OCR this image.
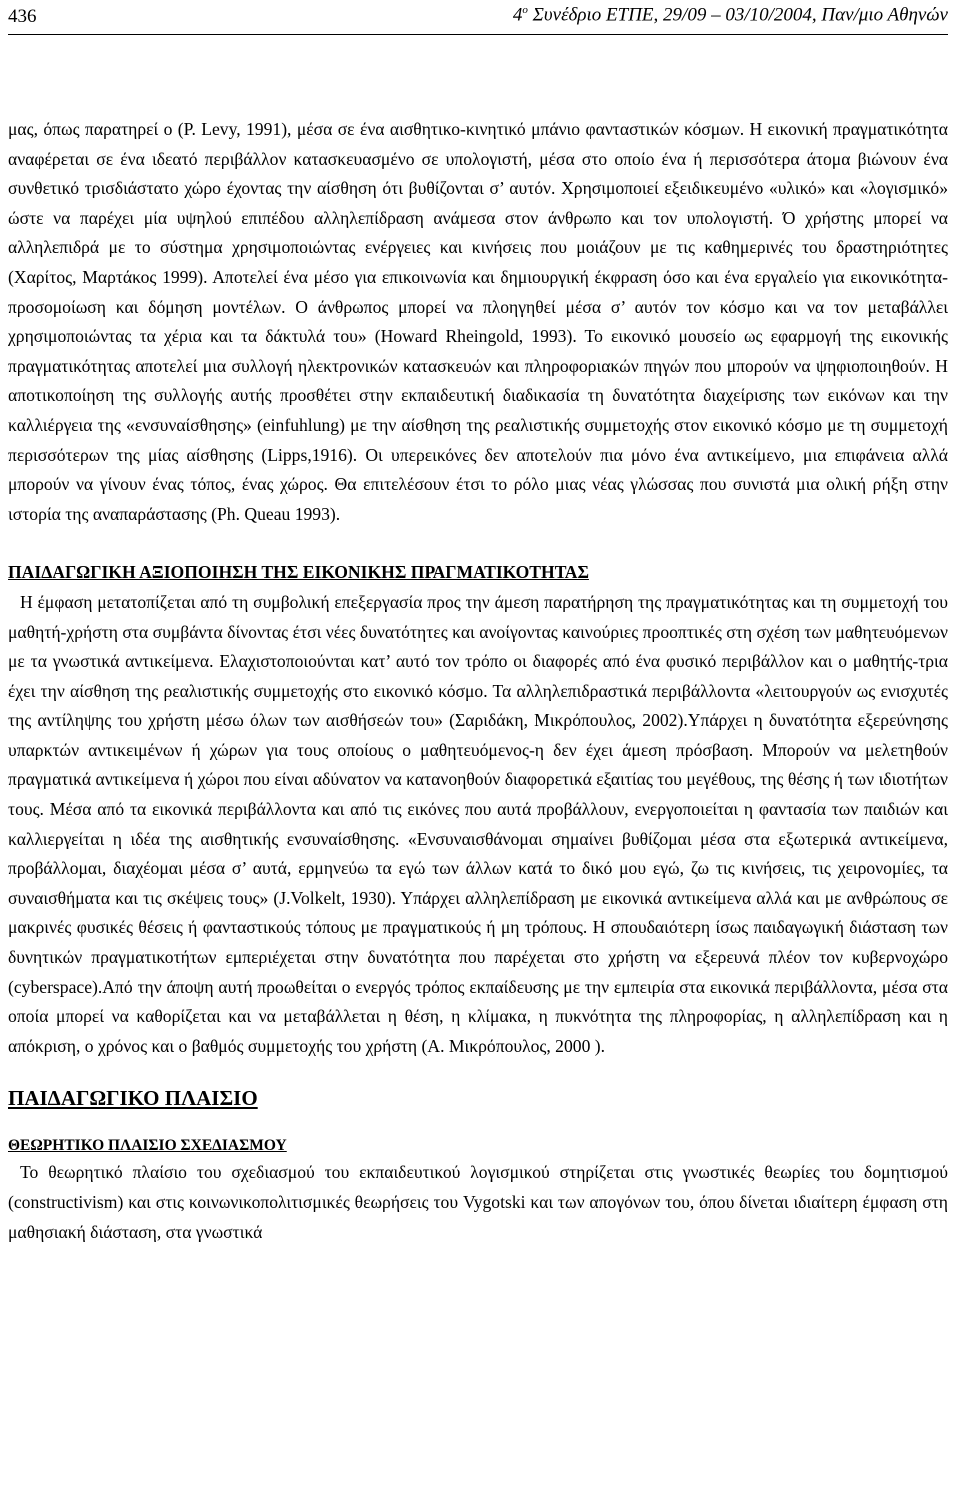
436	$4^o$ Συνέδριο ΕΤΠΕ, 29/09 – 03/10/2004, Παν/μιο Αθηνών

μας, όπως παρατηρεί ο (P. Levy, 1991), μέσα σε ένα αισθητικο-κινητικό μπάνιο φανταστικών κόσμων. Η εικονική πραγματικότητα αναφέρεται σε ένα ιδεατό περιβάλλον κατασκευασμένο σε υπολογιστή, μέσα στο οποίο ένα ή περισσότερα άτομα βιώνουν ένα συνθετικό τρισδιάστατο χώρο έχοντας την αίσθηση ότι βυθίζονται σ’ αυτόν. Χρησιμοποιεί εξειδικευμένο «υλικό» και «λογισμικό» ώστε να παρέχει μία υψηλού επιπέδου αλληλεπίδραση ανάμεσα στον άνθρωπο και τον υπολογιστή. Ό χρήστης μπορεί να αλληλεπιδρά με το σύστημα χρησιμοποιώντας ενέργειες και κινήσεις που μοιάζουν με τις καθημερινές του δραστηριότητες (Χαρίτος, Μαρτάκος 1999). Αποτελεί ένα μέσο για επικοινωνία και δημιουργική έκφραση όσο και ένα εργαλείο για εικονικότητα-προσομοίωση και δόμηση μοντέλων. Ο άνθρωπος μπορεί να πλοηγηθεί μέσα σ’ αυτόν τον κόσμο και να τον μεταβάλλει χρησιμοποιώντας τα χέρια και τα δάκτυλά του» (Howard Rheingold, 1993). Το εικονικό μουσείο ως εφαρμογή της εικονικής πραγματικότητας αποτελεί μια συλλογή ηλεκτρονικών κατασκευών και πληροφοριακών πηγών που μπορούν να ψηφιοποιηθούν. Η αποτικοποίηση της συλλογής αυτής προσθέτει στην εκπαιδευτική διαδικασία τη δυνατότητα διαχείρισης των εικόνων και την καλλιέργεια της «ενσυναίσθησης» (einfuhlung) με την αίσθηση της ρεαλιστικής συμμετοχής στον εικονικό κόσμο με τη συμμετοχή περισσότερων της μίας αίσθησης (Lipps,1916). Οι υπερεικόνες δεν αποτελούν πια μόνο ένα αντικείμενο, μια επιφάνεια αλλά μπορούν να γίνουν ένας τόπος, ένας χώρος. Θα επιτελέσουν έτσι το ρόλο μιας νέας γλώσσας που συνιστά μια ολική ρήξη στην ιστορία της αναπαράστασης (Ph. Queau 1993).

ΠΑΙΔΑΓΩΓΙΚΗ ΑΞΙΟΠΟΙΗΣΗ ΤΗΣ ΕΙΚΟΝΙΚΗΣ ΠΡΑΓΜΑΤΙΚΟΤΗΤΑΣ

Η έμφαση μετατοπίζεται από τη συμβολική επεξεργασία προς την άμεση παρατήρηση της πραγματικότητας και τη συμμετοχή του μαθητή-χρήστη στα συμβάντα δίνοντας έτσι νέες δυνατότητες και ανοίγοντας καινούριες προοπτικές στη σχέση των μαθητευόμενων με τα γνωστικά αντικείμενα. Ελαχιστοποιούνται κατ’ αυτό τον τρόπο οι διαφορές από ένα φυσικό περιβάλλον και ο μαθητής-τρια έχει την αίσθηση της ρεαλιστικής συμμετοχής στο εικονικό κόσμο. Τα αλληλεπιδραστικά περιβάλλοντα «λειτουργούν ως ενισχυτές της αντίληψης του χρήστη μέσω όλων των αισθήσεών του» (Σαριδάκη, Μικρόπουλος, 2002).Υπάρχει η δυνατότητα εξερεύνησης υπαρκτών αντικειμένων ή χώρων για τους οποίους ο μαθητευόμενος-η δεν έχει άμεση πρόσβαση. Μπορούν να μελετηθούν πραγματικά αντικείμενα ή χώροι που είναι αδύνατον να κατανοηθούν διαφορετικά εξαιτίας του μεγέθους, της θέσης ή των ιδιοτήτων τους. Μέσα από τα εικονικά περιβάλλοντα και από τις εικόνες που αυτά προβάλλουν, ενεργοποιείται η φαντασία των παιδιών και καλλιεργείται η ιδέα της αισθητικής ενσυναίσθησης. «Ενσυναισθάνομαι σημαίνει βυθίζομαι μέσα στα εξωτερικά αντικείμενα, προβάλλομαι, διαχέομαι μέσα σ’ αυτά, ερμηνεύω τα εγώ των άλλων κατά το δικό μου εγώ, ζω τις κινήσεις, τις χειρονομίες, τα συναισθήματα και τις σκέψεις τους» (J.Volkelt, 1930). Υπάρχει αλληλεπίδραση με εικονικά αντικείμενα αλλά και με ανθρώπους σε μακρινές φυσικές θέσεις ή φανταστικούς τόπους με πραγματικούς ή μη τρόπους. Η σπουδαιότερη ίσως παιδαγωγική διάσταση των δυνητικών πραγματικοτήτων εμπεριέχεται στην δυνατότητα που παρέχεται στο χρήστη να εξερευνά πλέον τον κυβερνοχώρο (cyberspace).Από την άποψη αυτή προωθείται ο ενεργός τρόπος εκπαίδευσης με την εμπειρία στα εικονικά περιβάλλοντα, μέσα στα οποία μπορεί να καθορίζεται και να μεταβάλλεται η θέση, η κλίμακα, η πυκνότητα της πληροφορίας, η αλληλεπίδραση και η απόκριση, ο χρόνος και ο βαθμός συμμετοχής του χρήστη (Α. Μικρόπουλος, 2000 ).

ΠΑΙΔΑΓΩΓΙΚΟ ΠΛΑΙΣΙΟ
ΘΕΩΡΗΤΙΚΟ ΠΛΑΙΣΙΟ ΣΧΕΔΙΑΣΜΟΥ

Το θεωρητικό πλαίσιο του σχεδιασμού του εκπαιδευτικού λογισμικού στηρίζεται στις γνωστικές θεωρίες του δομητισμού (constructivism) και στις κοινωνικοπολιτισμικές θεωρήσεις του Vygotski και των απογόνων του, όπου δίνεται ιδιαίτερη έμφαση στη μαθησιακή διάσταση, στα γνωστικά
